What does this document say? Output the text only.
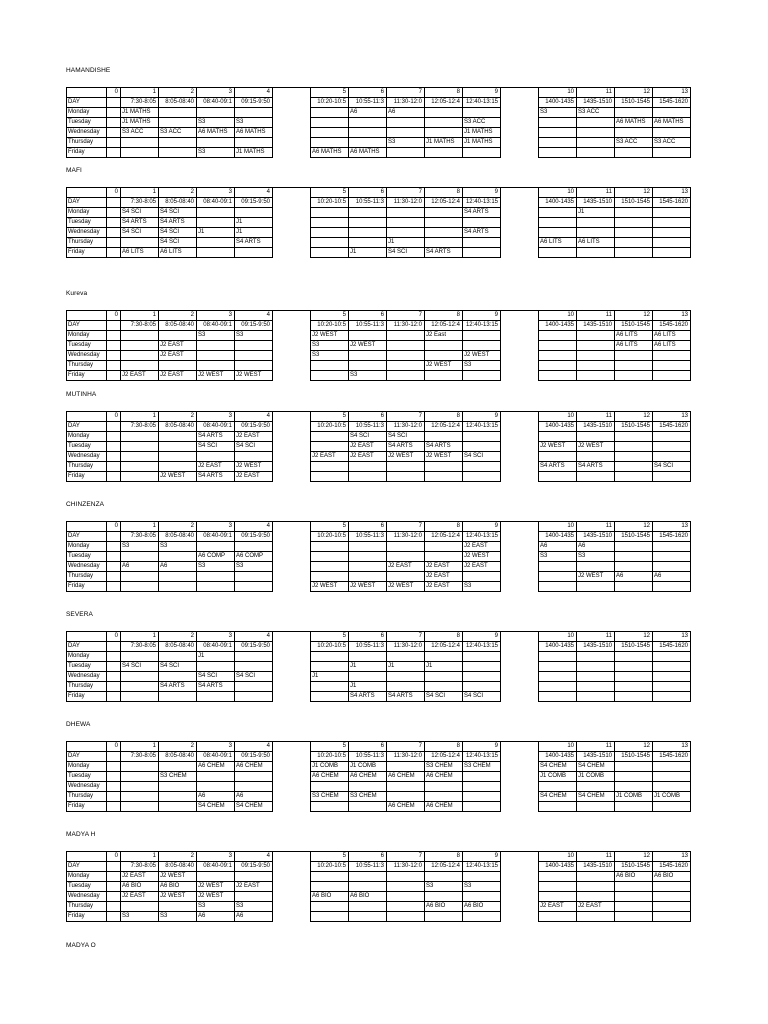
HAMANDISHE
	0	1	2	3	4		5	6	7	8	9		10	11	12	13
DAY		7:30-8:05	8:05-08:40	08:40-09:1	09:15-9:50		10:20-10:5	10:55-11:3	11:30-12:0	12:05-12:4	12:40-13:15		1400-1435	1435-1510	1510-1545	1545-1620
Monday		J1 MATHS						A6	A6				S3	S3 ACC		
Tuesday		J1 MATHS		S3	S3						S3 ACC				A6 MATHS	A6 MATHS
Wednesday		S3 ACC	S3 ACC	A6 MATHS	A6 MATHS						J1 MATHS					
Thursday									S3	J1 MATHS	J1 MATHS				S3 ACC	S3 ACC
Friday				S3	J1 MATHS		A6 MATHS	A6 MATHS								
MAFI
	0	1	2	3	4		5	6	7	8	9		10	11	12	13
DAY		7:30-8:05	8:05-08:40	08:40-09:1	09:15-9:50		10:20-10:5	10:55-11:3	11:30-12:0	12:05-12:4	12:40-13:15		1400-1435	1435-1510	1510-1545	1545-1620
Monday		S4 SCI	S4 SCI								S4 ARTS			J1		
Tuesday		S4 ARTS	S4 ARTS		J1											
Wednesday		S4 SCI	S4 SCI	J1	J1						S4 ARTS					
Thursday			S4 SCI		S4 ARTS				J1				A6 LITS	A6 LITS		
Friday		A6 LITS	A6 LITS					J1	S4 SCI	S4 ARTS						
Kureva
	0	1	2	3	4		5	6	7	8	9		10	11	12	13
DAY		7:30-8:05	8:05-08:40	08:40-09:1	09:15-9:50		10:20-10:5	10:55-11:3	11:30-12:0	12:05-12:4	12:40-13:15		1400-1435	1435-1510	1510-1545	1545-1620
Monday				S3	S3		J2 WEST			J2 East					A6 LITS	A6 LITS
Tuesday			J2 EAST				S3	J2 WEST							A6 LITS	A6 LITS
Wednesday			J2 EAST				S3				J2 WEST					
Thursday										J2 WEST	S3					
Friday		J2 EAST	J2 EAST	J2 WEST	J2 WEST			S3								
MUTINHA
	0	1	2	3	4		5	6	7	8	9		10	11	12	13
DAY		7:30-8:05	8:05-08:40	08:40-09:1	09:15-9:50		10:20-10:5	10:55-11:3	11:30-12:0	12:05-12:4	12:40-13:15		1400-1435	1435-1510	1510-1545	1545-1620
Monday				S4 ARTS	J2 EAST			S4 SCI	S4 SCI							
Tuesday				S4 SCI	S4 SCI			J2 EAST	S4 ARTS	S4 ARTS			J2 WEST	J2 WEST		
Wednesday							J2 EAST	J2 EAST	J2 WEST	J2 WEST	S4 SCI					
Thursday				J2 EAST	J2 WEST								S4 ARTS	S4 ARTS		S4 SCI
Friday			J2 WEST	S4 ARTS	J2 EAST											
CHINZENZA
	0	1	2	3	4		5	6	7	8	9		10	11	12	13
DAY		7:30-8:05	8:05-08:40	08:40-09:1	09:15-9:50		10:20-10:5	10:55-11:3	11:30-12:0	12:05-12:4	12:40-13:15		1400-1435	1435-1510	1510-1545	1545-1620
Monday		S3	S3								J2 EAST		A6	A6		
Tuesday				A6 COMP	A6 COMP						J2 WEST		S3	S3		
Wednesday		A6	A6	S3	S3				J2 EAST	J2 EAST	J2 EAST					
Thursday										J2 EAST				J2 WEST	A6	A6
Friday							J2 WEST	J2 WEST	J2 WEST	J2 EAST	S3					
SEVERA
	0	1	2	3	4		5	6	7	8	9		10	11	12	13
DAY		7:30-8:05	8:05-08:40	08:40-09:1	09:15-9:50		10:20-10:5	10:55-11:3	11:30-12:0	12:05-12:4	12:40-13:15		1400-1435	1435-1510	1510-1545	1545-1620
Monday				J1												
Tuesday		S4 SCI	S4 SCI					J1	J1	J1						
Wednesday				S4 SCI	S4 SCI		J1									
Thursday			S4 ARTS	S4 ARTS				J1								
Friday								S4 ARTS	S4 ARTS	S4 SCI	S4 SCI					
DHEWA
	0	1	2	3	4		5	6	7	8	9		10	11	12	13
DAY		7:30-8:05	8:05-08:40	08:40-09:1	09:15-9:50		10:20-10:5	10:55-11:3	11:30-12:0	12:05-12:4	12:40-13:15		1400-1435	1435-1510	1510-1545	1545-1620
Monday				A6 CHEM	A6 CHEM		J1 COMB	J1 COMB		S3 CHEM	S3 CHEM		S4 CHEM	S4 CHEM		
Tuesday			S3 CHEM				A6 CHEM	A6 CHEM	A6 CHEM	A6 CHEM			J1 COMB	J1 COMB		
Wednesday																
Thursday				A6	A6		S3 CHEM	S3 CHEM					S4 CHEM	S4 CHEM	J1 COMB	J1 COMB
Friday				S4 CHEM	S4 CHEM				A6 CHEM	A6 CHEM						
MADYA H
	0	1	2	3	4		5	6	7	8	9		10	11	12	13
DAY		7:30-8:05	8:05-08:40	08:40-09:1	09:15-9:50		10:20-10:5	10:55-11:3	11:30-12:0	12:05-12:4	12:40-13:15		1400-1435	1435-1510	1510-1545	1545-1620
Monday		J2 EAST	J2 WEST												A6 BIO	A6 BIO
Tuesday		A6 BIO	A6 BIO	J2 WEST	J2 EAST					S3	S3					
Wednesday		J2 EAST	J2 WEST	J2 WEST			A6 BIO	A6 BIO								
Thursday				S3	S3					A6 BIO	A6 BIO		J2 EAST	J2 EAST		
Friday		S3	S3	A6	A6											
MADYA O
